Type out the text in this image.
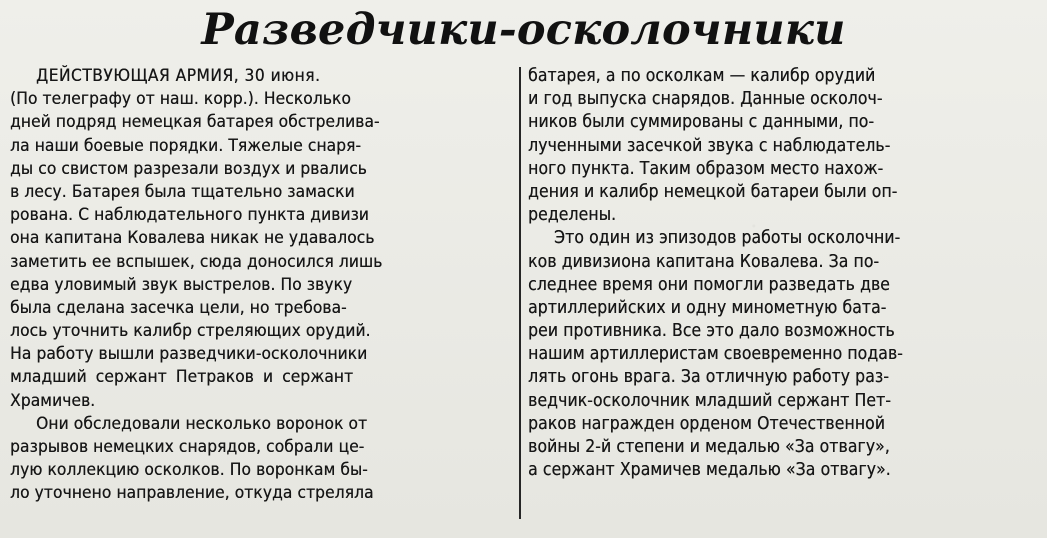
Разведчики-осколочники
ДЕЙСТВУЮЩАЯ АРМИЯ, 30 июня.
(По телеграфу от наш. корр.). Несколько
дней подряд немецкая батарея обстрелива-
ла наши боевые порядки. Тяжелые снаря-
ды со свистом разрезали воздух и рвались
в лесу. Батарея была тщательно замаски
рована. С наблюдательного пункта дивизи
она капитана Ковалева никак не удавалось
заметить ее вспышек, сюда доносился лишь
едва уловимый звук выстрелов. По звуку
была сделана засечка цели, но требова-
лось уточнить калибр стреляющих орудий.
На работу вышли разведчики-осколочники
младший сержант Петраков и сержант
Храмичев.
Они обследовали несколько воронок от
разрывов немецких снарядов, собрали це-
лую коллекцию осколков. По воронкам бы-
ло уточнено направление, откуда стреляла
батарея, а по осколкам — калибр орудий
и год выпуска снарядов. Данные осколоч-
ников были суммированы с данными, по-
лученными засечкой звука с наблюдатель-
ного пункта. Таким образом место нахож-
дения и калибр немецкой батареи были оп-
ределены.
Это один из эпизодов работы осколочни-
ков дивизиона капитана Ковалева. За по-
следнее время они помогли разведать две
артиллерийских и одну минометную бата-
реи противника. Все это дало возможность
нашим артиллеристам своевременно подав-
лять огонь врага. За отличную работу раз-
ведчик-осколочник младший сержант Пет-
раков награжден орденом Отечественной
войны 2-й степени и медалью «За отвагу»,
а сержант Храмичев медалью «За отвагу».
